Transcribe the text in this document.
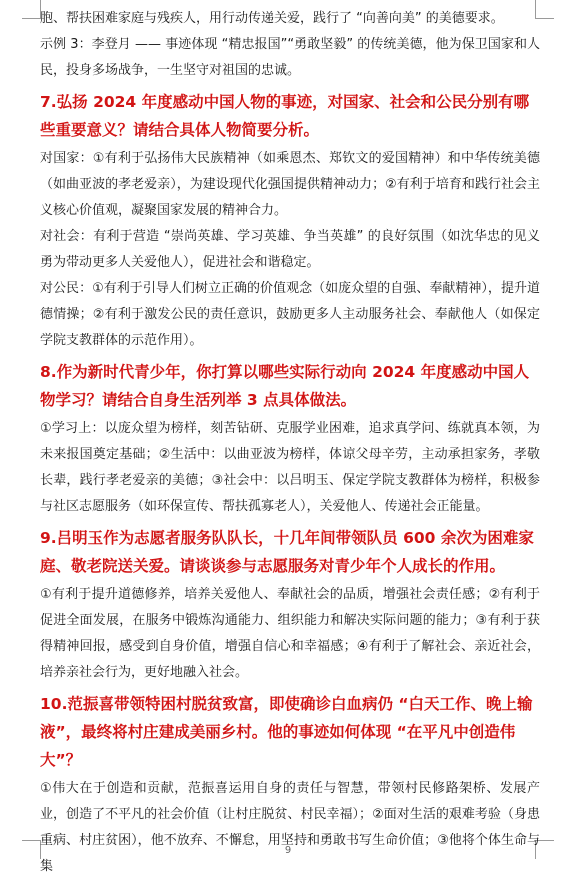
胞、帮扶困难家庭与残疾人，用行动传递关爱，践行了 “向善向美” 的美德要求。

示例 3：李登月 —— 事迹体现 “精忠报国”“勇敢坚毅” 的传统美德，他为保卫国家和人民，投身多场战争，一生坚守对祖国的忠诚。

7.弘扬 2024 年度感动中国人物的事迹，对国家、社会和公民分别有哪些重要意义？请结合具体人物简要分析。

对国家：①有利于弘扬伟大民族精神（如乘恩杰、郑钦文的爱国精神）和中华传统美德（如曲亚波的孝老爱亲），为建设现代化强国提供精神动力；②有利于培育和践行社会主义核心价值观，凝聚国家发展的精神合力。

对社会：有利于营造 “崇尚英雄、学习英雄、争当英雄” 的良好氛围（如沈华忠的见义勇为带动更多人关爱他人），促进社会和谐稳定。

对公民：①有利于引导人们树立正确的价值观念（如庞众望的自强、奉献精神），提升道德情操；②有利于激发公民的责任意识，鼓励更多人主动服务社会、奉献他人（如保定学院支教群体的示范作用）。

8.作为新时代青少年，你打算以哪些实际行动向 2024 年度感动中国人物学习？请结合自身生活列举 3 点具体做法。

①学习上：以庞众望为榜样，刻苦钻研、克服学业困难，追求真学问、练就真本领，为未来报国奠定基础；②生活中：以曲亚波为榜样，体谅父母辛劳，主动承担家务，孝敬长辈，践行孝老爱亲的美德；③社会中：以吕明玉、保定学院支教群体为榜样，积极参与社区志愿服务（如环保宣传、帮扶孤寡老人），关爱他人、传递社会正能量。

9.吕明玉作为志愿者服务队队长，十几年间带领队员 600 余次为困难家庭、敬老院送关爱。请谈谈参与志愿服务对青少年个人成长的作用。

①有利于提升道德修养，培养关爱他人、奉献社会的品质，增强社会责任感；②有利于促进全面发展，在服务中锻炼沟通能力、组织能力和解决实际问题的能力；③有利于获得精神回报，感受到自身价值，增强自信心和幸福感；④有利于了解社会、亲近社会，培养亲社会行为，更好地融入社会。

10.范振喜带领特困村脱贫致富，即使确诊白血病仍 “白天工作、晚上输液”，最终将村庄建成美丽乡村。他的事迹如何体现 “在平凡中创造伟大”？

①伟大在于创造和贡献，范振喜运用自身的责任与智慧，带领村民修路架桥、发展产业，创造了不平凡的社会价值（让村庄脱贫、村民幸福）；②面对生活的艰难考验（身患重病、村庄贫困），他不放弃、不懈怠，用坚持和勇敢书写生命价值；③他将个体生命与集

9
